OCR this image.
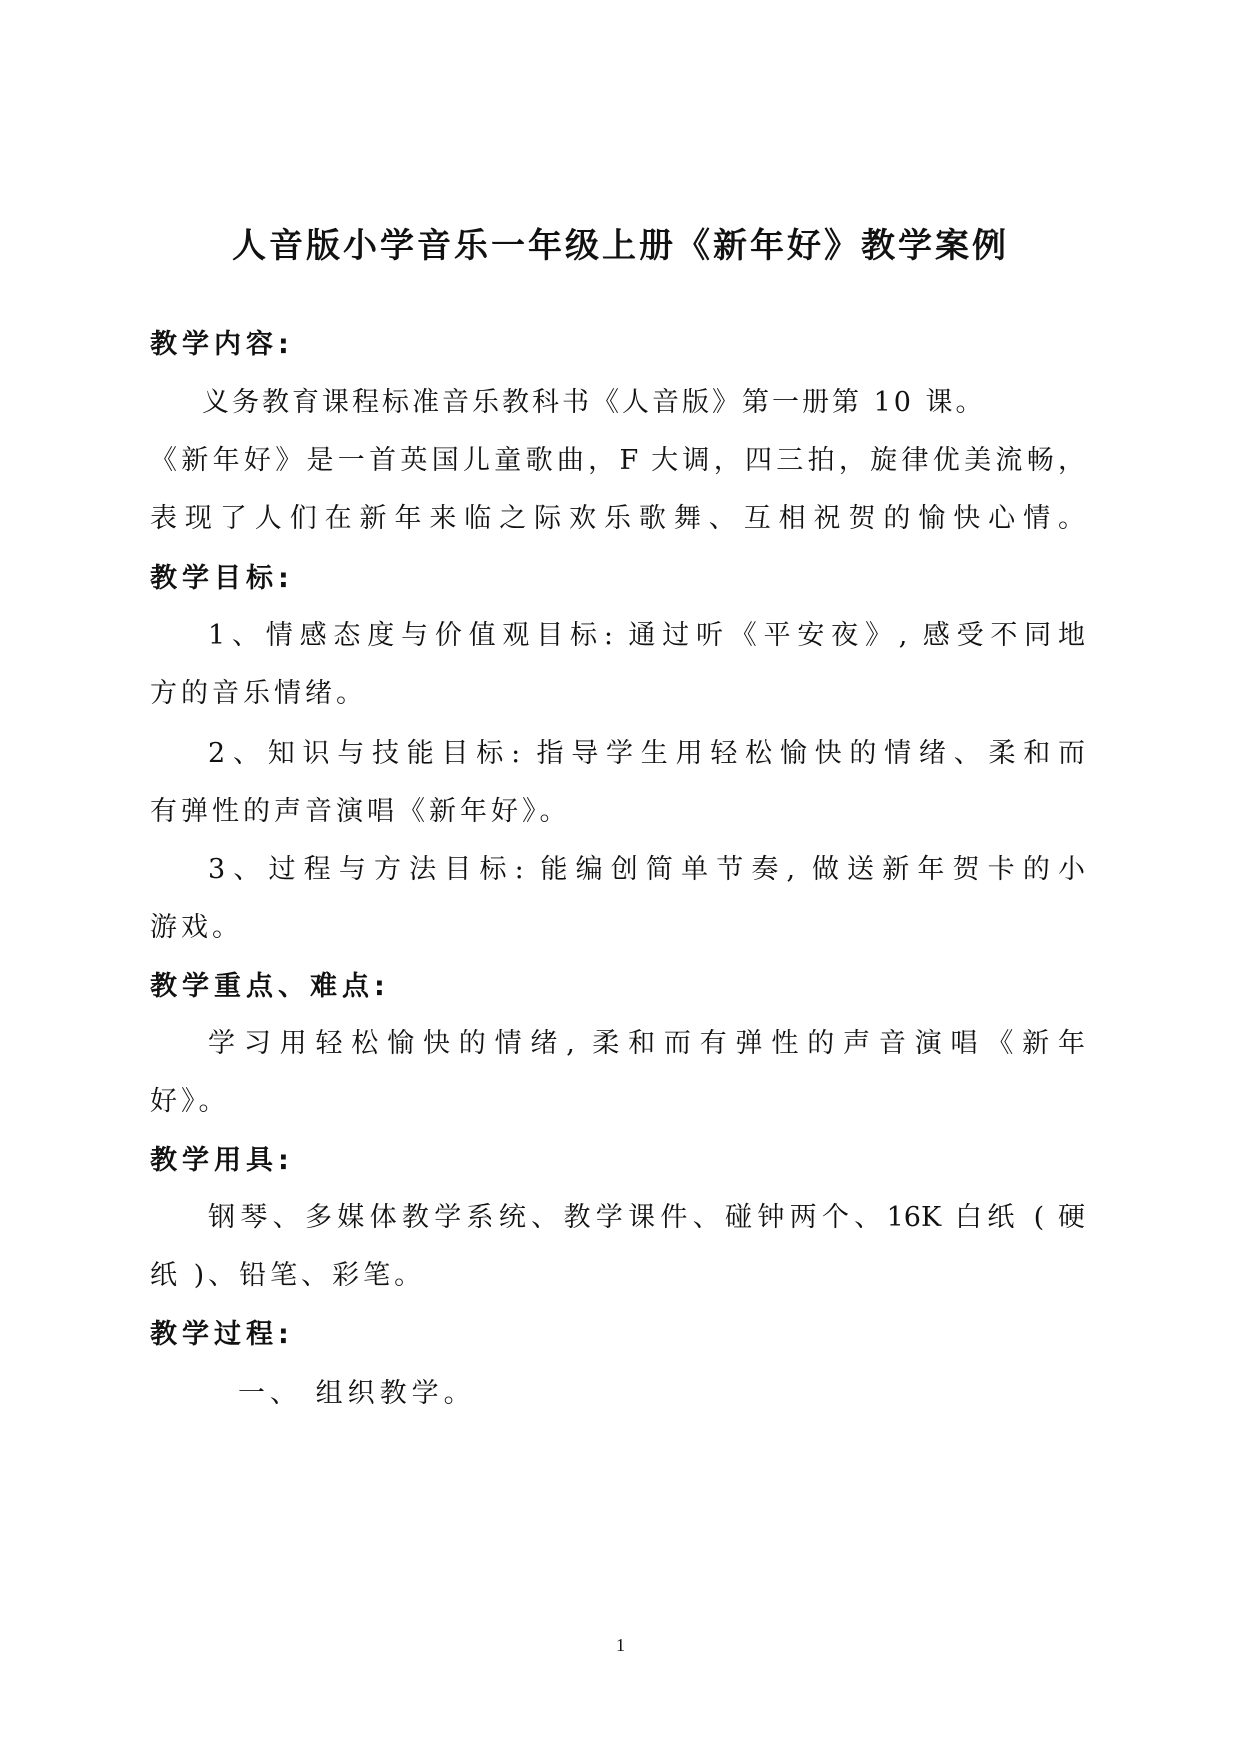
人音版小学音乐一年级上册《新年好》教学案例
教学内容:
义务教育课程标准音乐教科书《人音版》第一册第 10 课。
《新年好》是一首英国儿童歌曲，F 大调，四三拍，旋律优美流畅，
表现了人们在新年来临之际欢乐歌舞、互相祝贺的愉快心情。
教学目标:
1、情感态度与价值观目标: 通过听《平安夜》, 感受不同地
方的音乐情绪。
2、知识与技能目标: 指导学生用轻松愉快的情绪、柔和而
有弹性的声音演唱《新年好》。
3、过程与方法目标: 能编创简单节奏, 做送新年贺卡的小
游戏。
教学重点、难点:
学习用轻松愉快的情绪, 柔和而有弹性的声音演唱《新年
好》。
教学用具:
钢琴、多媒体教学系统、教学课件、碰钟两个、16K 白纸 ( 硬
纸 )、铅笔、彩笔。
教学过程:
一、 组织教学。
1
